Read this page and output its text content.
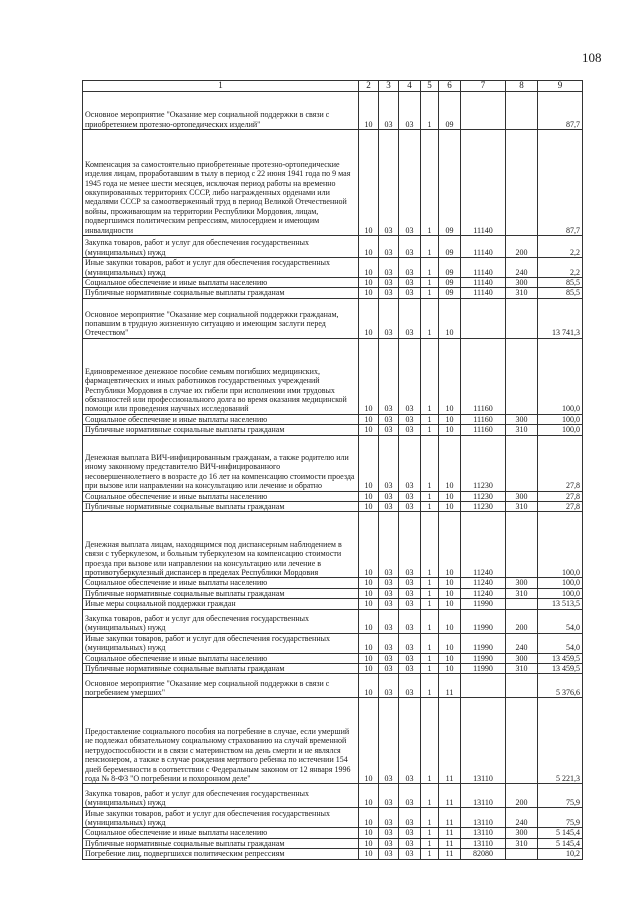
108
1	2	3	4	5	6	7	8	9
Основное мероприятие "Оказание мер социальной поддержки в связи с приобретением протезно-ортопедических изделий"	10	03	03	1	09			87,7
Компенсация за самостоятельно приобретенные протезно-ортопедические изделия лицам, проработавшим в тылу в период с 22 июня 1941 года по 9 мая 1945 года не менее шести месяцев, исключая период работы на временно оккупированных территориях СССР, либо награжденных орденами или медалями СССР за самоотверженный труд в период Великой Отечественной войны, проживающим на территории Республики Мордовия, лицам, подвергшимся политическим репрессиям, милосердием и имеющим инвалидности	10	03	03	1	09	11140		87,7
Закупка товаров, работ и услуг для обеспечения государственных (муниципальных) нужд	10	03	03	1	09	11140	200	2,2
Иные закупки товаров, работ и услуг для обеспечения государственных (муниципальных) нужд	10	03	03	1	09	11140	240	2,2
Социальное обеспечение и иные выплаты населению	10	03	03	1	09	11140	300	85,5
Публичные нормативные социальные выплаты гражданам	10	03	03	1	09	11140	310	85,5
Основное мероприятие "Оказание мер социальной поддержки гражданам, попавшим в трудную жизненную ситуацию и имеющим заслуги перед Отечеством"	10	03	03	1	10			13 741,3
Единовременное денежное пособие семьям погибших медицинских, фармацевтических и иных работников государственных учреждений Республики Мордовия в случае их гибели при исполнении ими трудовых обязанностей или профессионального долга во время оказания медицинской помощи или проведения научных исследований	10	03	03	1	10	11160		100,0
Социальное обеспечение и иные выплаты населению	10	03	03	1	10	11160	300	100,0
Публичные нормативные социальные выплаты гражданам	10	03	03	1	10	11160	310	100,0
Денежная выплата ВИЧ-инфицированным гражданам, а также родителю или иному законному представителю ВИЧ-инфицированного несовершеннолетнего в возрасте до 16 лет на компенсацию стоимости проезда при вызове или направлении на консультацию или лечение и обратно	10	03	03	1	10	11230		27,8
Социальное обеспечение и иные выплаты населению	10	03	03	1	10	11230	300	27,8
Публичные нормативные социальные выплаты гражданам	10	03	03	1	10	11230	310	27,8
Денежная выплата лицам, находящимся под диспансерным наблюдением в связи с туберкулезом, и больным туберкулезом на компенсацию стоимости проезда при вызове или направлении на консультацию или лечение в противотуберкулезный диспансер в пределах Республики Мордовия	10	03	03	1	10	11240		100,0
Социальное обеспечение и иные выплаты населению	10	03	03	1	10	11240	300	100,0
Публичные нормативные социальные выплаты гражданам	10	03	03	1	10	11240	310	100,0
Иные меры социальной поддержки граждан	10	03	03	1	10	11990		13 513,5
Закупка товаров, работ и услуг для обеспечения государственных (муниципальных) нужд	10	03	03	1	10	11990	200	54,0
Иные закупки товаров, работ и услуг для обеспечения государственных (муниципальных) нужд	10	03	03	1	10	11990	240	54,0
Социальное обеспечение и иные выплаты населению	10	03	03	1	10	11990	300	13 459,5
Публичные нормативные социальные выплаты гражданам	10	03	03	1	10	11990	310	13 459,5
Основное мероприятие "Оказание мер социальной поддержки в связи с погребением умерших"	10	03	03	1	11			5 376,6
Предоставление социального пособия на погребение в случае, если умерший не подлежал обязательному социальному страхованию на случай временной нетрудоспособности и в связи с материнством на день смерти и не являлся пенсионером, а также в случае рождения мертвого ребенка по истечении 154 дней беременности в соответствии с Федеральным законом от 12 января 1996 года № 8-ФЗ "О погребении и похоронном деле"	10	03	03	1	11	13110		5 221,3
Закупка товаров, работ и услуг для обеспечения государственных (муниципальных) нужд	10	03	03	1	11	13110	200	75,9
Иные закупки товаров, работ и услуг для обеспечения государственных (муниципальных) нужд	10	03	03	1	11	13110	240	75,9
Социальное обеспечение и иные выплаты населению	10	03	03	1	11	13110	300	5 145,4
Публичные нормативные социальные выплаты гражданам	10	03	03	1	11	13110	310	5 145,4
Погребение лиц, подвергшихся политическим репрессиям	10	03	03	1	11	82080		10,2
